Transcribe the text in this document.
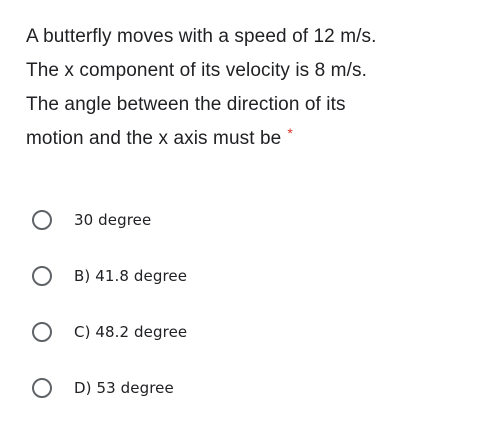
A butterfly moves with a speed of 12 m/s.
The x component of its velocity is 8 m/s.
The angle between the direction of its
motion and the x axis must be *
30 degree
B) 41.8 degree
C) 48.2 degree
D) 53 degree
